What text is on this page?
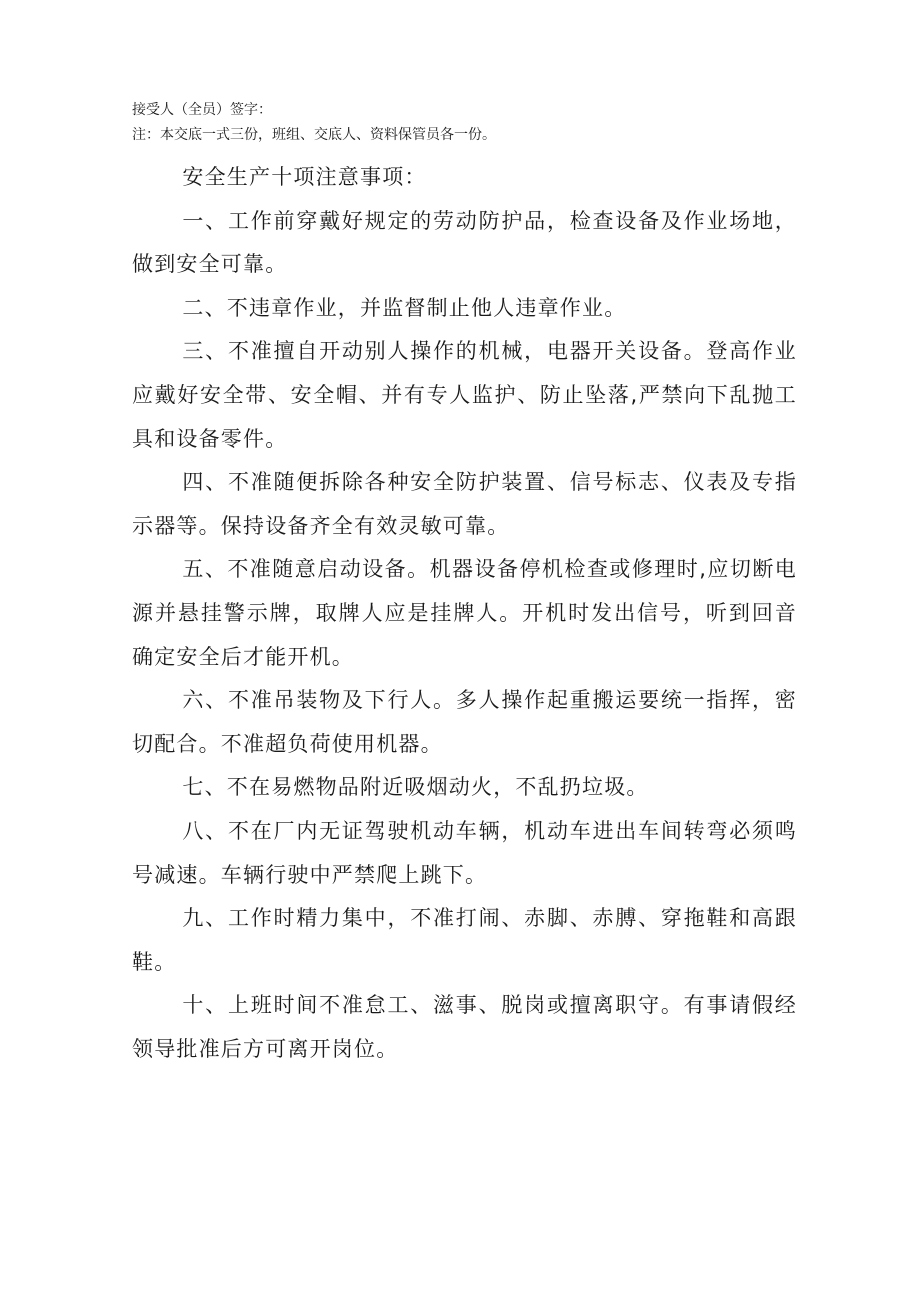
接受人（全员）签字：
注：本交底一式三份，班组、交底人、资料保管员各一份。

安全生产十项注意事项：

一、工作前穿戴好规定的劳动防护品，检查设备及作业场地，做到安全可靠。

二、不违章作业，并监督制止他人违章作业。

三、不准擅自开动别人操作的机械，电器开关设备。登高作业应戴好安全带、安全帽、并有专人监护、防止坠落,严禁向下乱抛工具和设备零件。

四、不准随便拆除各种安全防护装置、信号标志、仪表及专指示器等。保持设备齐全有效灵敏可靠。

五、不准随意启动设备。机器设备停机检查或修理时,应切断电源并悬挂警示牌，取牌人应是挂牌人。开机时发出信号，听到回音确定安全后才能开机。

六、不准吊装物及下行人。多人操作起重搬运要统一指挥，密切配合。不准超负荷使用机器。

七、不在易燃物品附近吸烟动火，不乱扔垃圾。

八、不在厂内无证驾驶机动车辆，机动车进出车间转弯必须鸣号减速。车辆行驶中严禁爬上跳下。

九、工作时精力集中，不准打闹、赤脚、赤膊、穿拖鞋和高跟鞋。

十、上班时间不准怠工、滋事、脱岗或擅离职守。有事请假经领导批准后方可离开岗位。
